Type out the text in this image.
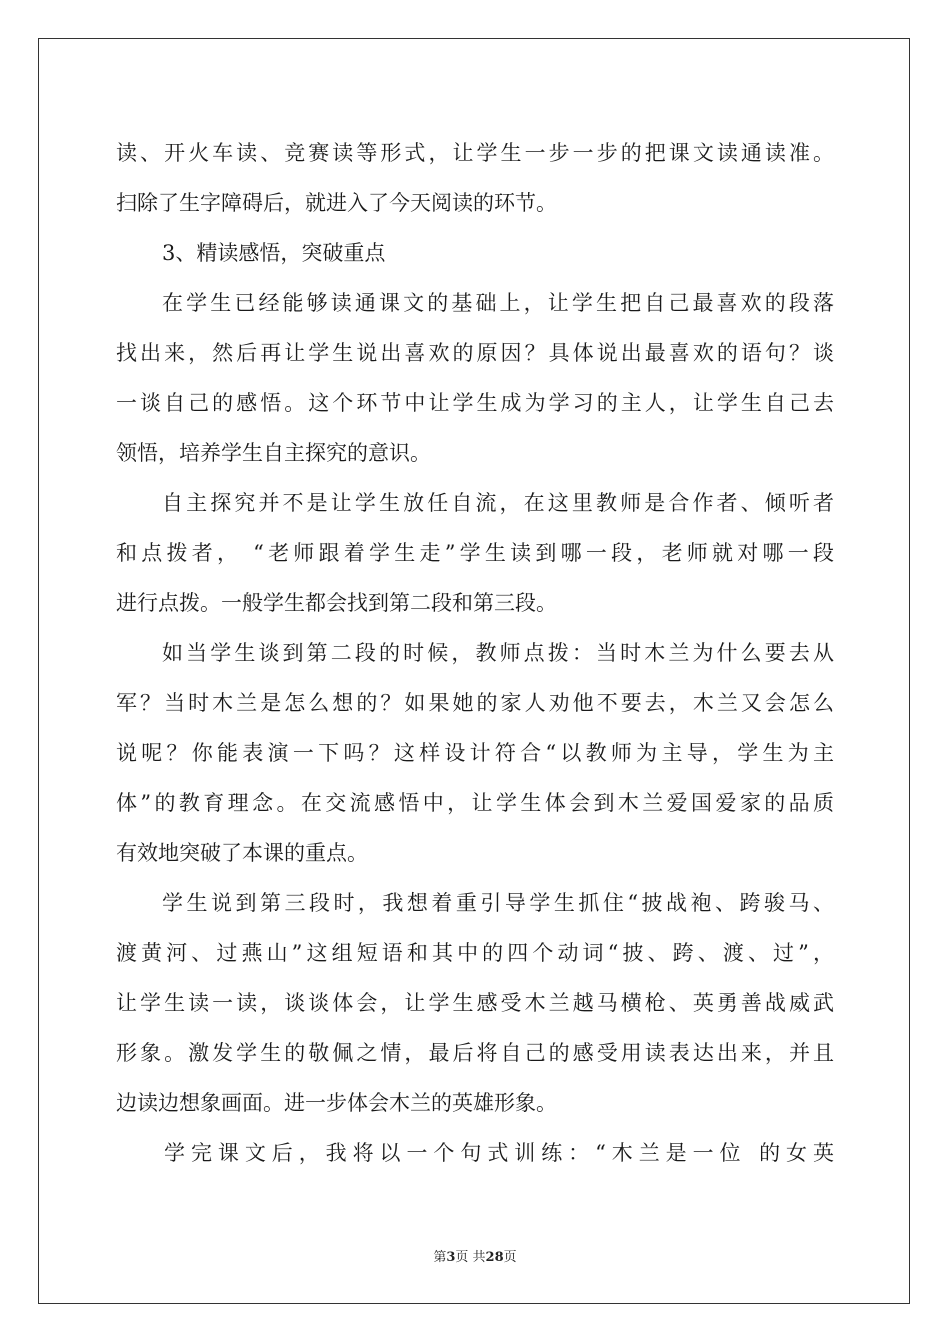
读、开火车读、竞赛读等形式，让学生一步一步的把课文读通读准。
扫除了生字障碍后，就进入了今天阅读的环节。
3、精读感悟，突破重点
在学生已经能够读通课文的基础上，让学生把自己最喜欢的段落
找出来，然后再让学生说出喜欢的原因？具体说出最喜欢的语句？谈
一谈自己的感悟。这个环节中让学生成为学习的主人，让学生自己去
领悟，培养学生自主探究的意识。
自主探究并不是让学生放任自流，在这里教师是合作者、倾听者
和点拨者， “老师跟着学生走”学生读到哪一段，老师就对哪一段
进行点拨。一般学生都会找到第二段和第三段。
如当学生谈到第二段的时候，教师点拨：当时木兰为什么要去从
军？当时木兰是怎么想的？如果她的家人劝他不要去，木兰又会怎么
说呢？你能表演一下吗？这样设计符合“以教师为主导，学生为主
体”的教育理念。在交流感悟中，让学生体会到木兰爱国爱家的品质
有效地突破了本课的重点。
学生说到第三段时，我想着重引导学生抓住“披战袍、跨骏马、
渡黄河、过燕山”这组短语和其中的四个动词“披、跨、渡、过”，
让学生读一读，谈谈体会，让学生感受木兰越马横枪、英勇善战威武
形象。激发学生的敬佩之情，最后将自己的感受用读表达出来，并且
边读边想象画面。进一步体会木兰的英雄形象。
学完课文后，我将以一个句式训练：“木兰是一位 的女英
第3页 共28页
